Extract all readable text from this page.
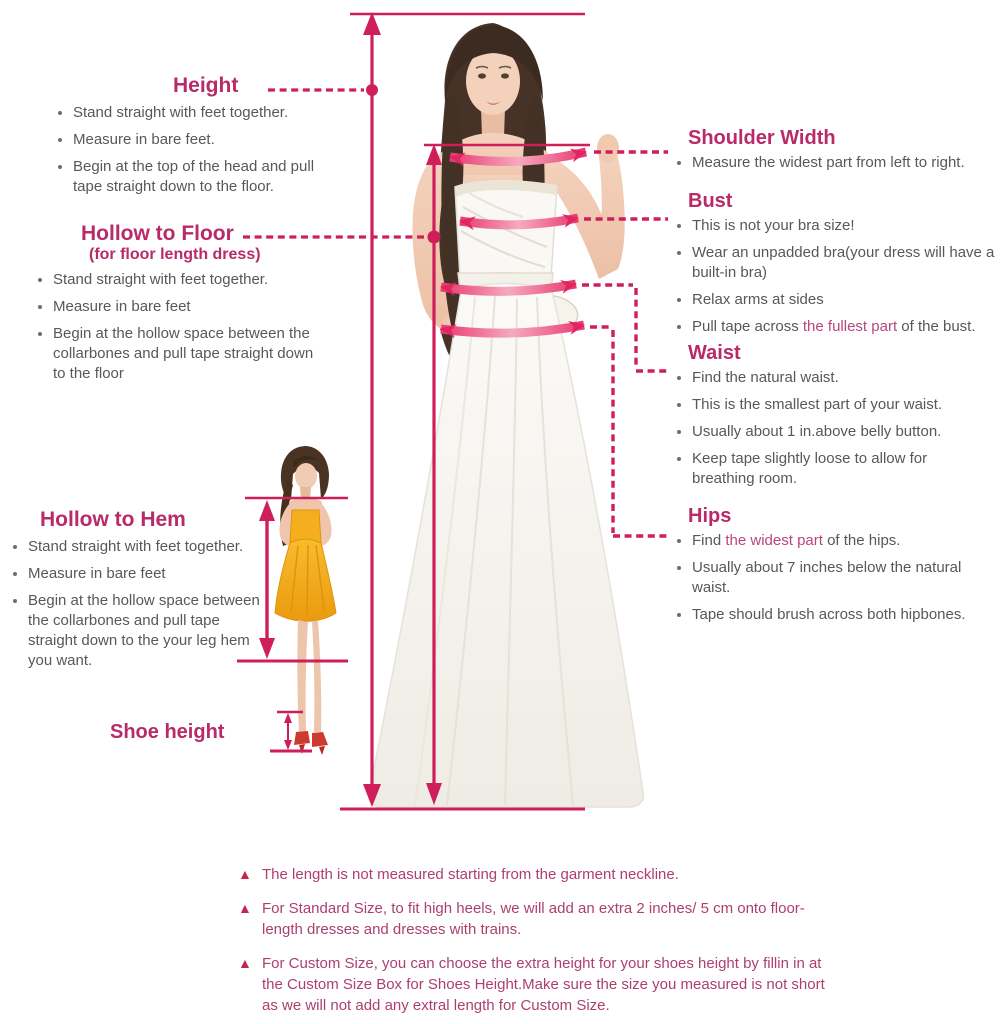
Height
• Stand straight with feet together.
• Measure in bare feet.
• Begin at the top of the head and pull tape straight down to the floor.
Hollow to Floor

(for floor length dress)

• Stand straight with feet together.
• Measure in bare feet
• Begin at the hollow space between the collarbones and pull tape straight down to the floor
Hollow to Hem
• Stand straight with feet together.
• Measure in bare feet
• Begin at the hollow space between the collarbones and pull tape straight down to the your leg hem you want.
Shoe height
Shoulder Width
• Measure the widest part from left to right.
Bust
• This is not your bra size!
• Wear an unpadded bra(your dress will have a built-in bra)
• Relax arms at sides
• Pull tape across the fullest part of the bust.
Waist
• Find the natural waist.
• This is the smallest part of your waist.
• Usually about 1 in.above belly button.
• Keep tape slightly loose to allow for breathing room.
Hips
• Find the widest part of the hips.
• Usually about 7 inches below the natural waist.
• Tape should brush across both hipbones.
▲ The length is not measured starting from the garment neckline.

▲ For Standard Size, to fit high heels, we will add an extra 2 inches/ 5 cm onto floor-length dresses and dresses with trains.

▲ For Custom Size, you can choose the extra height for your shoes height by fillin in at the Custom Size Box for Shoes Height.Make sure the size you measured is not short as we will not add any extral length for Custom Size.
